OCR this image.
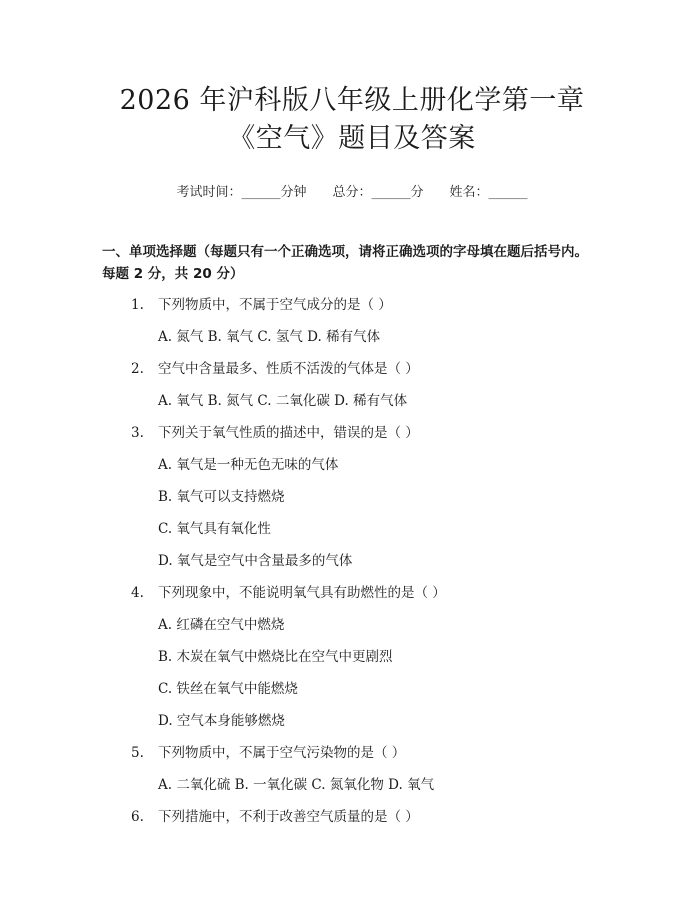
2026 年沪科版八年级上册化学第一章《空气》题目及答案
考试时间：______分钟 总分：______分 姓名：______
一、单项选择题（每题只有一个正确选项，请将正确选项的字母填在题后括号内。每题 2 分，共 20 分）
1.	下列物质中，不属于空气成分的是（ ）
A. 氮气 B. 氧气 C. 氢气 D. 稀有气体
2.	空气中含量最多、性质不活泼的气体是（ ）
A. 氧气 B. 氮气 C. 二氧化碳 D. 稀有气体
3.	下列关于氧气性质的描述中，错误的是（ ）
A. 氧气是一种无色无味的气体
B. 氧气可以支持燃烧
C. 氧气具有氧化性
D. 氧气是空气中含量最多的气体
4.	下列现象中，不能说明氧气具有助燃性的是（ ）
A. 红磷在空气中燃烧
B. 木炭在氧气中燃烧比在空气中更剧烈
C. 铁丝在氧气中能燃烧
D. 空气本身能够燃烧
5.	下列物质中，不属于空气污染物的是（ ）
A. 二氧化硫 B. 一氧化碳 C. 氮氧化物 D. 氧气
6.	下列措施中，不利于改善空气质量的是（ ）
